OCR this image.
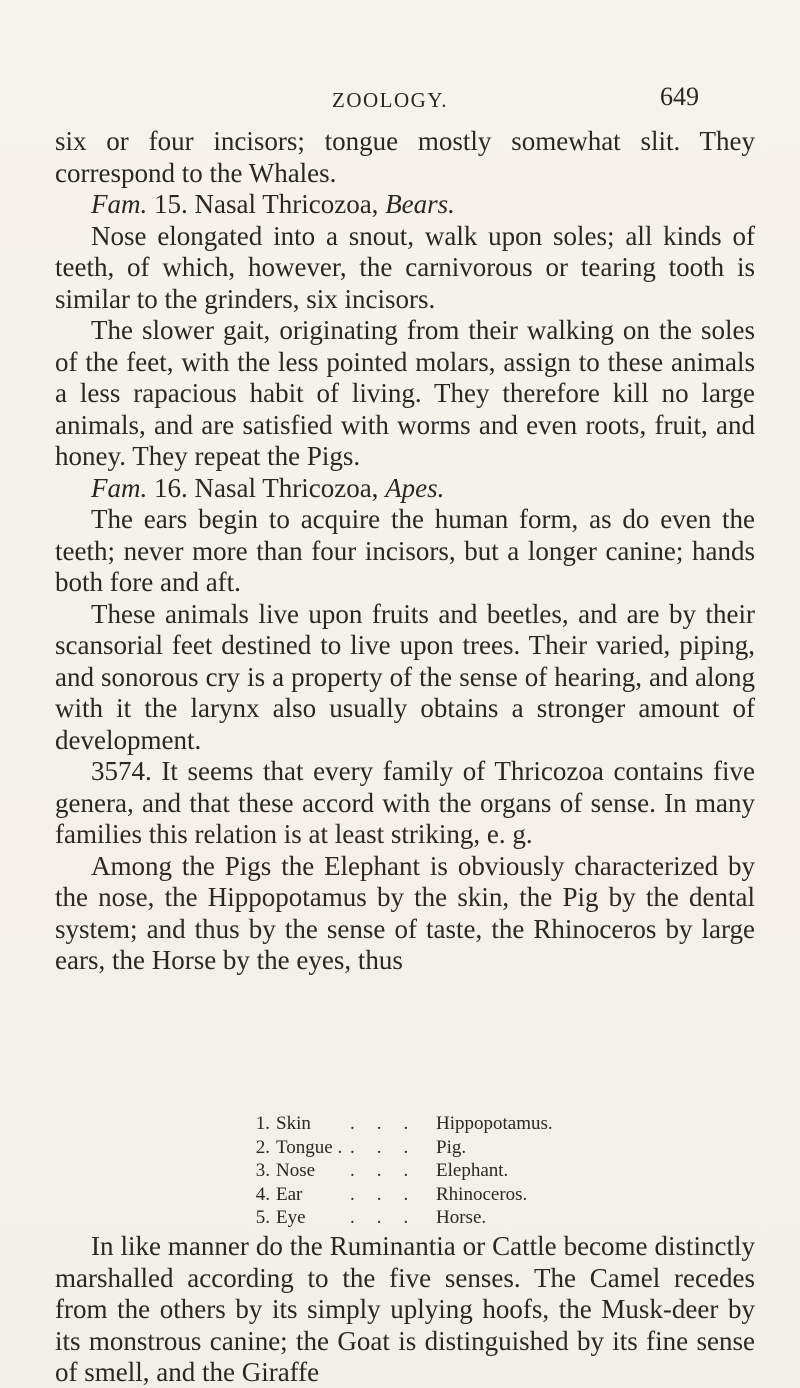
ZOOLOGY.	649

six or four incisors; tongue mostly somewhat slit. They correspond to the Whales.

Fam. 15. Nasal Thricozoa, Bears.

Nose elongated into a snout, walk upon soles; all kinds of teeth, of which, however, the carnivorous or tearing tooth is similar to the grinders, six incisors.

The slower gait, originating from their walking on the soles of the feet, with the less pointed molars, assign to these animals a less rapacious habit of living. They therefore kill no large animals, and are satisfied with worms and even roots, fruit, and honey. They repeat the Pigs.

Fam. 16. Nasal Thricozoa, Apes.

The ears begin to acquire the human form, as do even the teeth; never more than four incisors, but a longer canine; hands both fore and aft.

These animals live upon fruits and beetles, and are by their scansorial feet destined to live upon trees. Their varied, piping, and sonorous cry is a property of the sense of hearing, and along with it the larynx also usually obtains a stronger amount of development.

3574. It seems that every family of Thricozoa contains five genera, and that these accord with the organs of sense. In many families this relation is at least striking, e. g.

Among the Pigs the Elephant is obviously characterized by the nose, the Hippopotamus by the skin, the Pig by the dental system; and thus by the sense of taste, the Rhinoceros by large ears, the Horse by the eyes, thus

1. Skin ... Hippopotamus.
2. Tongue . ... Pig.
3. Nose ... Elephant.
4. Ear	... Rhinoceros.
5. Eye ... Horse.

In like manner do the Ruminantia or Cattle become distinctly marshalled according to the five senses. The Camel recedes from the others by its simply uplying hoofs, the Musk-deer by its monstrous canine; the Goat is distinguished by its fine sense of smell, and the Giraffe
